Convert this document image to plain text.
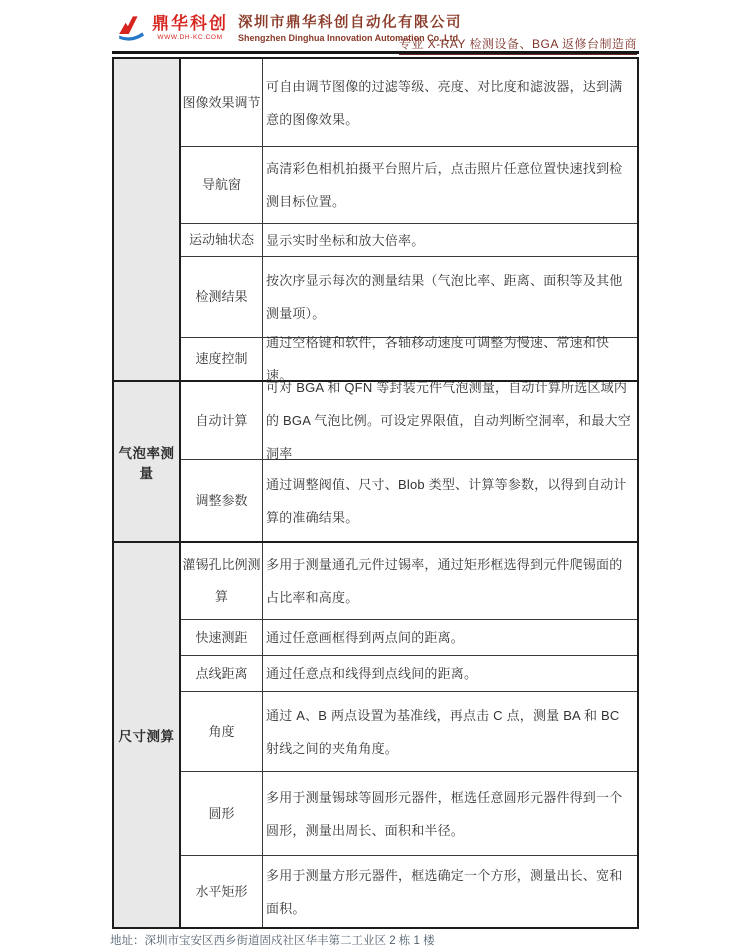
鼎华科创
WWW.DH-KC.COM
深圳市鼎华科创自动化有限公司
Shengzhen Dinghua Innovation Automation Co.,Ltd
专业 X-RAY 检测设备、BGA 返修台制造商
图像效果调节
可自由调节图像的过滤等级、亮度、对比度和滤波器，达到满意的图像效果。
导航窗
高清彩色相机拍摄平台照片后，点击照片任意位置快速找到检测目标位置。
运动轴状态 显示实时坐标和放大倍率。
检测结果
按次序显示每次的测量结果（气泡比率、距离、面积等及其他测量项）。
速度控制
通过空格键和软件，各轴移动速度可调整为慢速、常速和快速。
气泡率测量
自动计算
可对 BGA 和 QFN 等封装元件气泡测量，自动计算所选区域内的 BGA 气泡比例。可设定界限值，自动判断空洞率，和最大空洞率
调整参数
通过调整阀值、尺寸、Blob 类型、计算等参数，以得到自动计算的准确结果。
尺寸测算
灌锡孔比例测算
多用于测量通孔元件过锡率，通过矩形框选得到元件爬锡面的占比率和高度。
快速测距	通过任意画框得到两点间的距离。
点线距离	通过任意点和线得到点线间的距离。
角度
通过 A、B 两点设置为基准线，再点击 C 点，测量 BA 和 BC 射线之间的夹角角度。
圆形
多用于测量锡球等圆形元器件，框选任意圆形元器件得到一个圆形，测量出周长、面积和半径。
水平矩形
多用于测量方形元器件，框选确定一个方形，测量出长、宽和面积。
地址：深圳市宝安区西乡街道固戍社区华丰第二工业区 2 栋 1 楼
